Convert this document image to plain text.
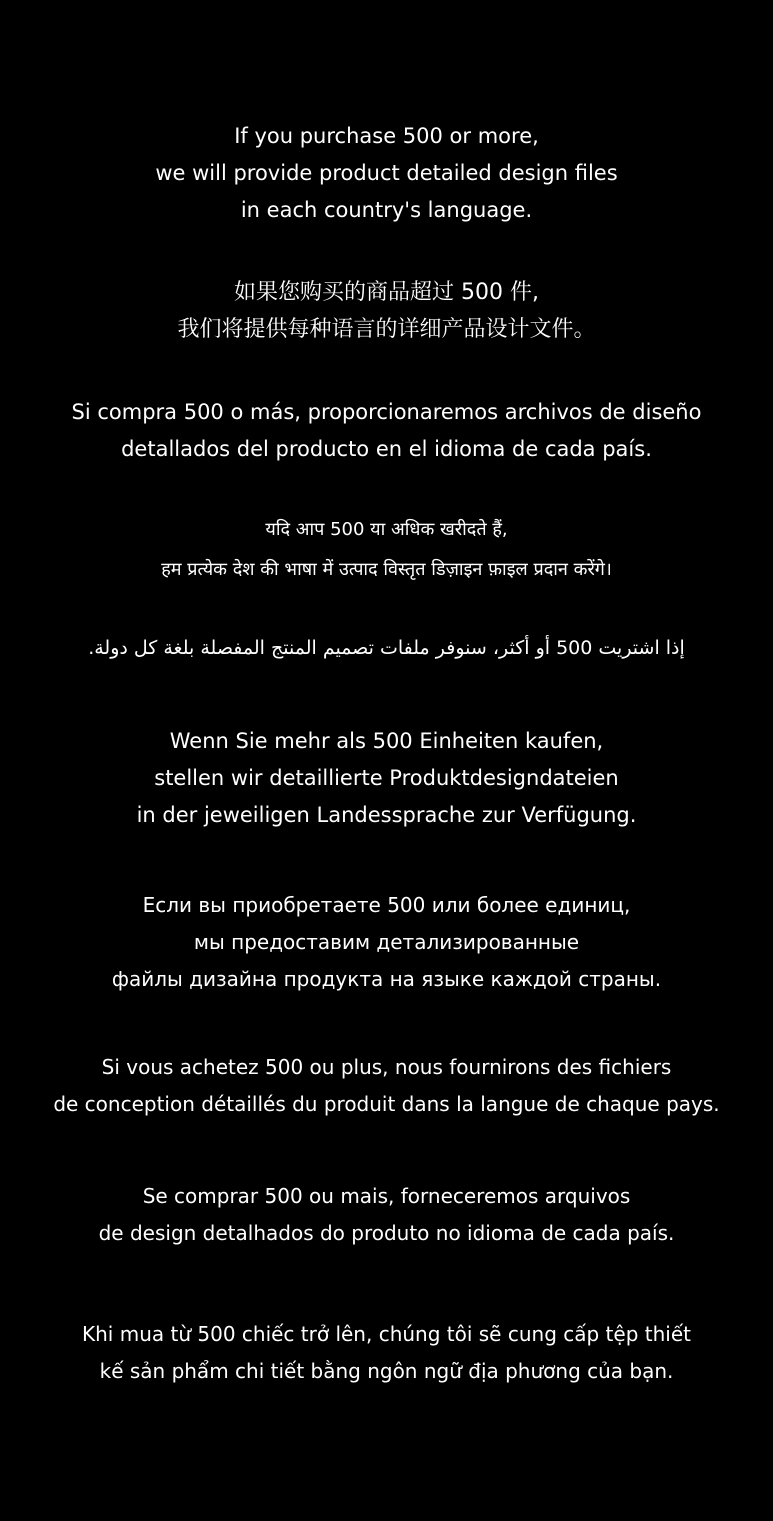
If you purchase 500 or more,
we will provide product detailed design files
in each country's language.
如果您购买的商品超过 500 件,
我们将提供每种语言的详细产品设计文件。
Si compra 500 o más, proporcionaremos archivos de diseño
detallados del producto en el idioma de cada país.
यदि आप 500 या अधिक खरीदते हैं,
हम प्रत्येक देश की भाषा में उत्पाद विस्तृत डिज़ाइन फ़ाइल प्रदान करेंगे।
إذا اشتريت 500 أو أكثر، سنوفر ملفات تصميم المنتج المفصلة بلغة كل دولة.
Wenn Sie mehr als 500 Einheiten kaufen,
stellen wir detaillierte Produktdesigndateien
in der jeweiligen Landessprache zur Verfügung.
Если вы приобретаете 500 или более единиц,
мы предоставим детализированные
файлы дизайна продукта на языке каждой страны.
Si vous achetez 500 ou plus, nous fournirons des fichiers
de conception détaillés du produit dans la langue de chaque pays.
Se comprar 500 ou mais, forneceremos arquivos
de design detalhados do produto no idioma de cada país.
Khi mua từ 500 chiếc trở lên, chúng tôi sẽ cung cấp tệp thiết
kế sản phẩm chi tiết bằng ngôn ngữ địa phương của bạn.
